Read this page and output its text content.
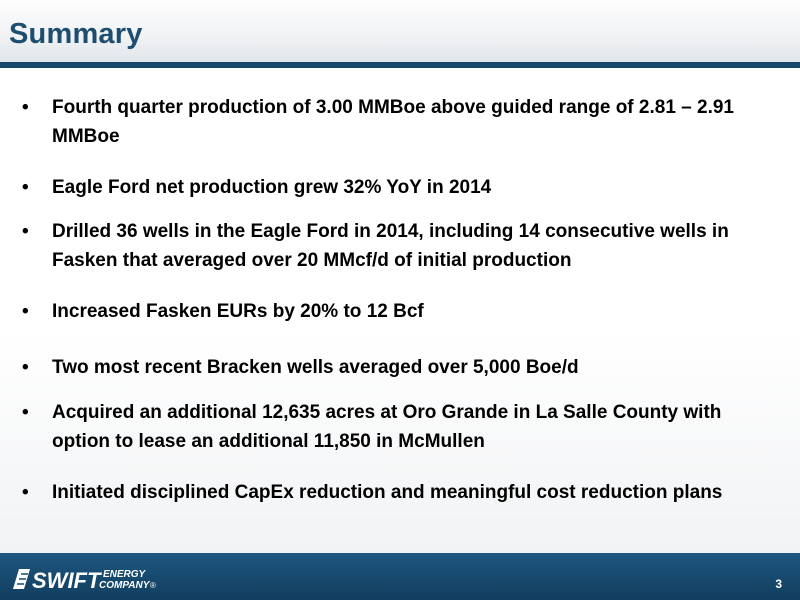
Summary
• Fourth quarter production of 3.00 MMBoe above guided range of 2.81 – 2.91 MMBoe
• Eagle Ford net production grew 32% YoY in 2014
• Drilled 36 wells in the Eagle Ford in 2014, including 14 consecutive wells in Fasken that averaged over 20 MMcf/d of initial production
• Increased Fasken EURs by 20% to 12 Bcf
• Two most recent Bracken wells averaged over 5,000 Boe/d
• Acquired an additional 12,635 acres at Oro Grande in La Salle County with option to lease an additional 11,850 in McMullen
• Initiated disciplined CapEx reduction and meaningful cost reduction plans
SWIFT ENERGY
COMPANY ®	3
